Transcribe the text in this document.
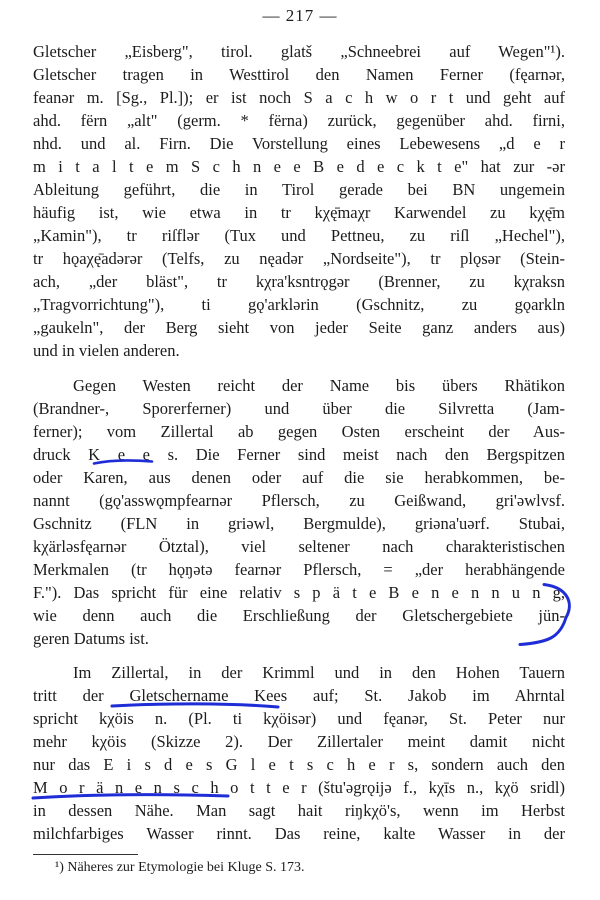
— 217 —
Gletscher „Eisberg", tirol. glatš „Schneebrei auf Wegen"¹).
Gletscher tragen in Westtirol den Namen Ferner (fęarnər,
feanər m. [Sg., Pl.]); er ist noch S a c h w o r t und geht auf
ahd. fërn „alt" (germ. * fërna) zurück, gegenüber ahd. firni,
nhd. und al. Firn. Die Vorstellung eines Lebewesens „d e r
m i t a l t e m S c h n e e B e d e c k t e" hat zur -ər
Ableitung geführt, die in Tirol gerade bei BN ungemein
häufig ist, wie etwa in tr kχę̄maχr Karwendel zu kχę̄m
„Kamin"), tr riſflər (Tux und Pettneu, zu riſl „Hechel"),
tr hǫaχę̄adərər (Telfs, zu nęadər „Nordseite"), tr plǫsər (Stein-
ach, „der bläst", tr kχra'ksntrǫgər (Brenner, zu kχraksn
„Tragvorrichtung"), ti gǫ'arklərin (Gschnitz, zu gǫarkln
„gaukeln", der Berg sieht von jeder Seite ganz anders aus)
und in vielen anderen.
Gegen Westen reicht der Name bis übers Rhätikon
(Brandner-, Sporerferner) und über die Silvretta (Jam-
ferner); vom Zillertal ab gegen Osten erscheint der Aus-
druck K e e s. Die Ferner sind meist nach den Bergspitzen
oder Karen, aus denen oder auf die sie herabkommen, be-
nannt (gǫ'asswǫmpfearnər Pflersch, zu Geißwand, gri'əwlvsf.
Gschnitz (FLN in griəwl, Bergmulde), griəna'uərf. Stubai,
kχärləsfęarnər Ötztal), viel seltener nach charakteristischen
Merkmalen (tr hǫŋətə fearnər Pflersch, = „der herabhängende
F."). Das spricht für eine relativ s p ä t e B e n e n n u n g,
wie denn auch die Erschließung der Gletschergebiete jün-
geren Datums ist.
Im Zillertal, in der Krimml und in den Hohen Tauern
tritt der Gletschername Kees auf; St. Jakob im Ahrntal
spricht kχöis n. (Pl. ti kχöisər) und fęanər, St. Peter nur
mehr kχöis (Skizze 2). Der Zillertaler meint damit nicht
nur das E i s d e s G l e t s c h e r s, sondern auch den
M o r ä n e n s c h o t t e r (štu'əgrǫijə f., kχīs n., kχö sridl)
in dessen Nähe. Man sagt hait riŋkχö's, wenn im Herbst
milchfarbiges Wasser rinnt. Das reine, kalte Wasser in der
¹) Näheres zur Etymologie bei Kluge S. 173.
